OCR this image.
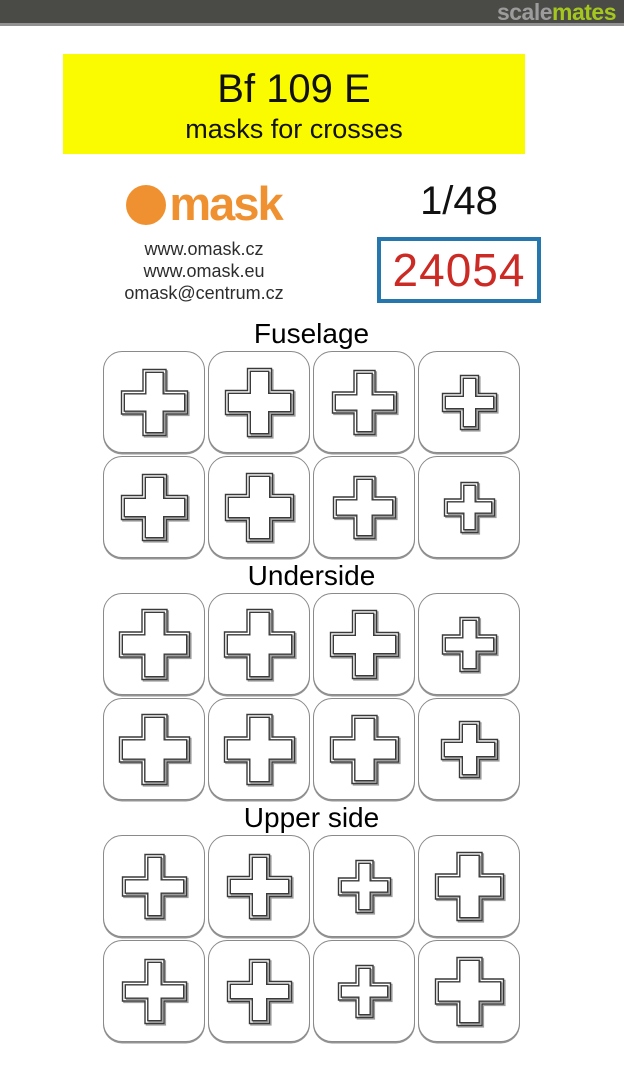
scalemates
Bf 109 E
masks for crosses
mask
www.omask.cz
www.omask.eu
omask@centrum.cz
1/48
24054
Fuselage
Underside
Upper side
